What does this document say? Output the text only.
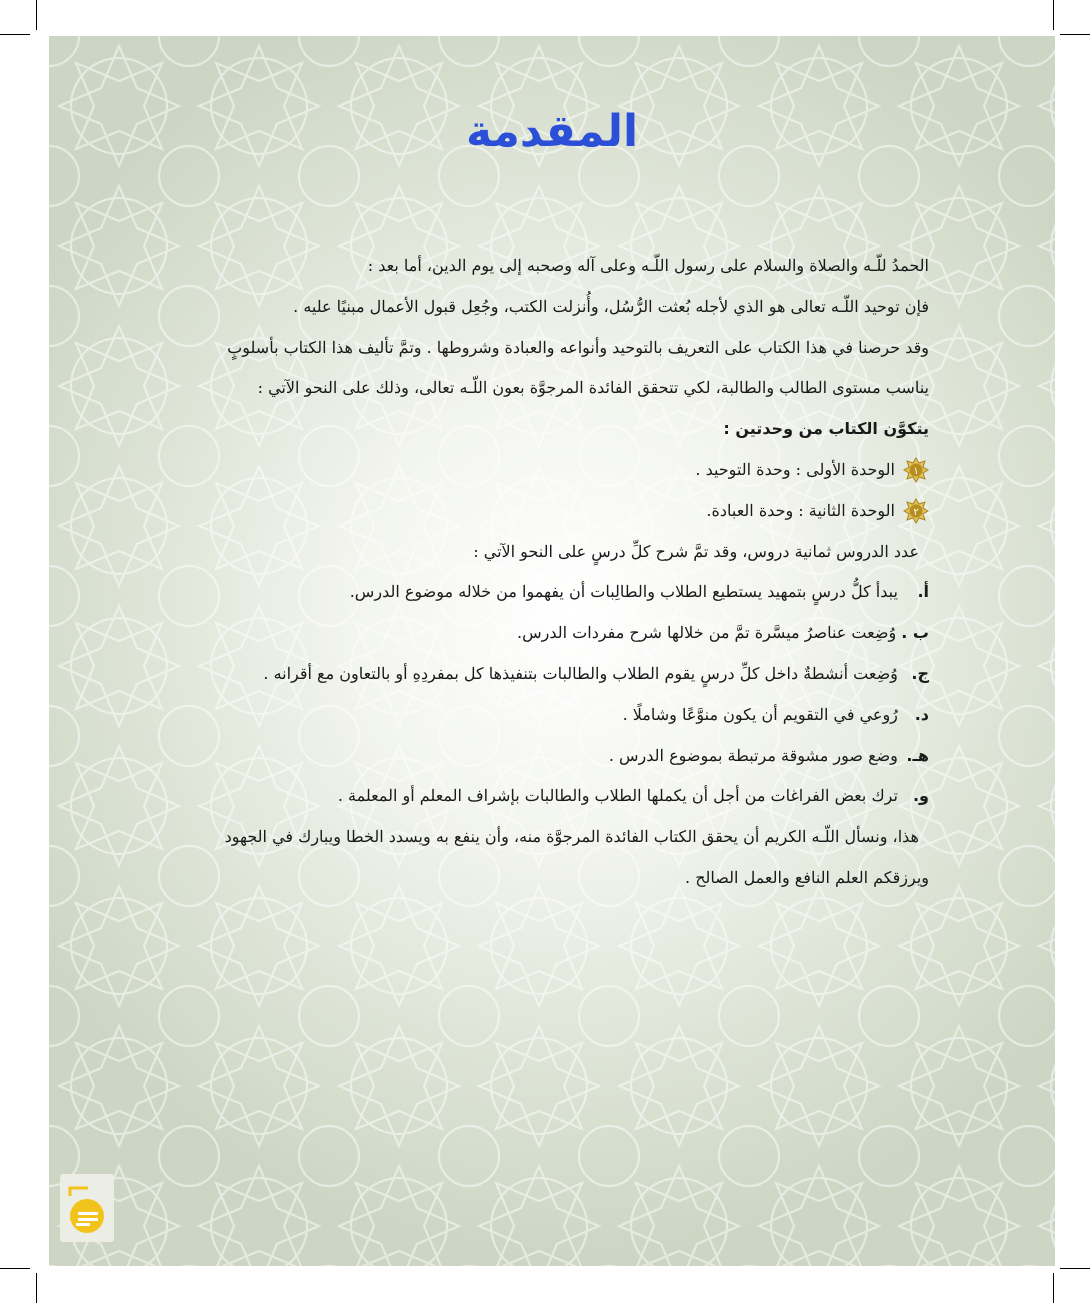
المقدمة
الحمدُ للّـه والصلاة والسلام على رسول اللّـه وعلى آله وصحبه إلى يوم الدين، أما بعد :
فإن توحيد اللّـه تعالى هو الذي لأجله بُعثت الرُّسُل، وأُنزلت الكتب، وجُعِل قبول الأعمال مبنيًا عليه .
وقد حرصنا في هذا الكتاب على التعريف بالتوحيد وأنواعه والعبادة وشروطها . وتمَّ تأليف هذا الكتاب بأسلوبٍ
يناسب مستوى الطالب والطالبة، لكي تتحقق الفائدة المرجوَّة بعون اللّـه تعالى، وذلك على النحو الآتي :
يتكوَّن الكتاب من وحدتين :
١
الوحدة الأولى : وحدة التوحيد .
٢
الوحدة الثانية : وحدة العبادة.
عدد الدروس ثمانية دروس، وقد تمَّ شرح كلِّ درسٍ على النحو الآتي :
أ. يبدأ كلُّ درسٍ بتمهيد يستطيع الطلاب والطالِبات أن يفهموا من خلاله موضوع الدرس.
ب . وُضِعت عناصرُ ميسَّرة تمَّ من خلالها شرح مفردات الدرس.
ج. وُضِعت أنشطةٌ داخل كلِّ درسٍ يقوم الطلاب والطالبات بتنفيذها كل بمفردِهِ أو بالتعاون مع أقرانه .
د. رُوعي في التقويم أن يكون منوَّعًا وشاملًا .
هـ. وضع صور مشوقة مرتبطة بموضوع الدرس .
و. ترك بعض الفراغات من أجل أن يكملها الطلاب والطالبات بإشراف المعلم أو المعلمة .
هذا، ونسأل اللّـه الكريم أن يحقق الكتاب الفائدة المرجوَّة منه، وأن ينفع به ويسدد الخطا ويبارك في الجهود
ويرزقكم العلم النافع والعمل الصالح .
